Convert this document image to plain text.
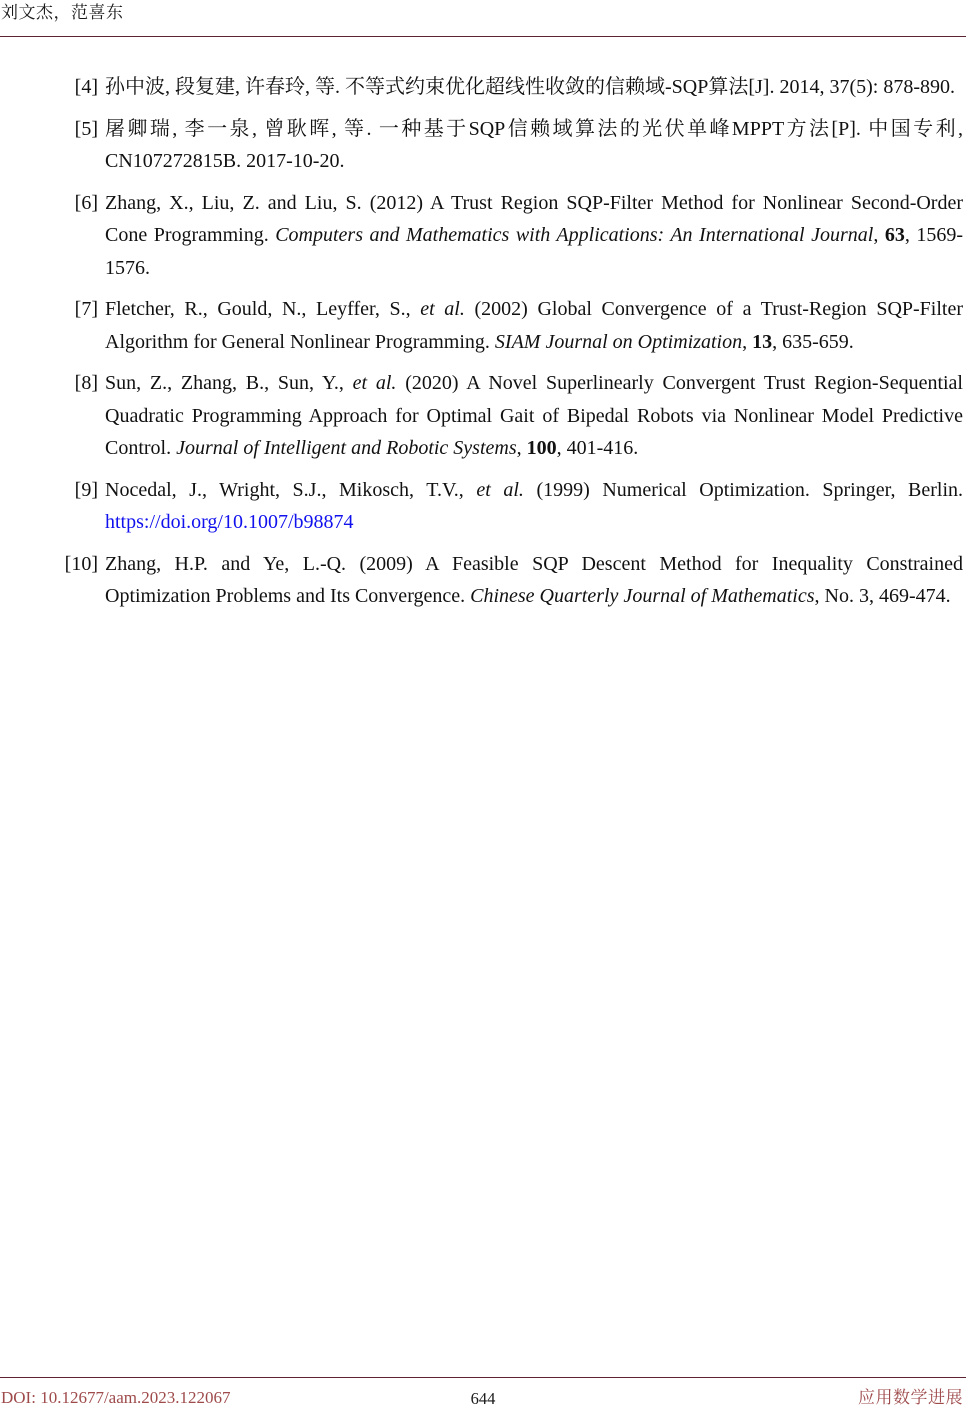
刘文杰，范喜东
[4] 孙中波, 段复建, 许春玲, 等. 不等式约束优化超线性收敛的信赖域-SQP算法[J]. 2014, 37(5): 878-890.
[5] 屠卿瑞, 李一泉, 曾耿晖, 等. 一种基于SQP信赖域算法的光伏单峰MPPT方法[P]. 中国专利, CN107272815B. 2017-10-20.
[6] Zhang, X., Liu, Z. and Liu, S. (2012) A Trust Region SQP-Filter Method for Nonlinear Second-Order Cone Programming. Computers and Mathematics with Applications: An International Journal, 63, 1569-1576.
[7] Fletcher, R., Gould, N., Leyffer, S., et al. (2002) Global Convergence of a Trust-Region SQP-Filter Algorithm for General Nonlinear Programming. SIAM Journal on Optimization, 13, 635-659.
[8] Sun, Z., Zhang, B., Sun, Y., et al. (2020) A Novel Superlinearly Convergent Trust Region-Sequential Quadratic Programming Approach for Optimal Gait of Bipedal Robots via Nonlinear Model Predictive Control. Journal of Intelligent and Robotic Systems, 100, 401-416.
[9] Nocedal, J., Wright, S.J., Mikosch, T.V., et al. (1999) Numerical Optimization. Springer, Berlin. https://doi.org/10.1007/b98874
[10] Zhang, H.P. and Ye, L.-Q. (2009) A Feasible SQP Descent Method for Inequality Constrained Optimization Problems and Its Convergence. Chinese Quarterly Journal of Mathematics, No. 3, 469-474.
DOI: 10.12677/aam.2023.122067	644	应用数学进展
